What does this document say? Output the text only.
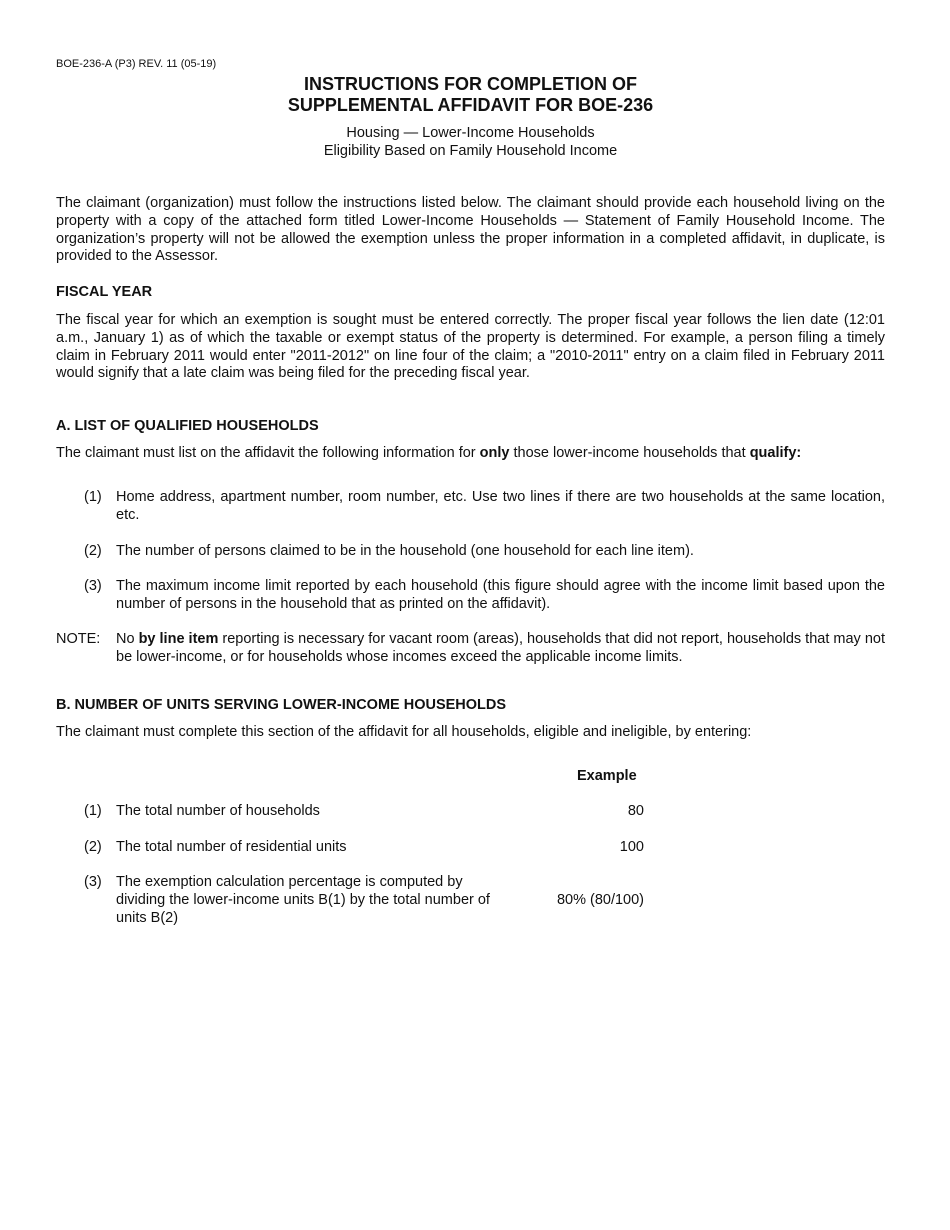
BOE-236-A (P3) REV. 11 (05-19)
INSTRUCTIONS FOR COMPLETION OF
SUPPLEMENTAL AFFIDAVIT FOR BOE-236
Housing — Lower-Income Households
Eligibility Based on Family Household Income

The claimant (organization) must follow the instructions listed below. The claimant should provide each household living on the property with a copy of the attached form titled Lower-Income Households — Statement of Family Household Income. The organization’s property will not be allowed the exemption unless the proper information in a completed affidavit, in duplicate, is provided to the Assessor.

FISCAL YEAR

The fiscal year for which an exemption is sought must be entered correctly. The proper fiscal year follows the lien date (12:01 a.m., January 1) as of which the taxable or exempt status of the property is determined. For example, a person filing a timely claim in February 2011 would enter "2011-2012" on line four of the claim; a "2010-2011" entry on a claim filed in February 2011 would signify that a late claim was being filed for the preceding fiscal year.

A. LIST OF QUALIFIED HOUSEHOLDS

The claimant must list on the affidavit the following information for only those lower-income households that qualify:

(1) Home address, apartment number, room number, etc. Use two lines if there are two households at the same location, etc.
(2) The number of persons claimed to be in the household (one household for each line item).
(3) The maximum income limit reported by each household (this figure should agree with the income limit based upon the number of persons in the household that as printed on the affidavit).
NOTE: No by line item reporting is necessary for vacant room (areas), households that did not report, households that may not be lower-income, or for households whose incomes exceed the applicable income limits.

B. NUMBER OF UNITS SERVING LOWER-INCOME HOUSEHOLDS

The claimant must complete this section of the affidavit for all households, eligible and ineligible, by entering:

Example
(1) The total number of households	80
(2) The total number of residential units	100
(3) The exemption calculation percentage is computed by dividing the lower-income units B(1) by the total number of units B(2)
80% (80/100)
